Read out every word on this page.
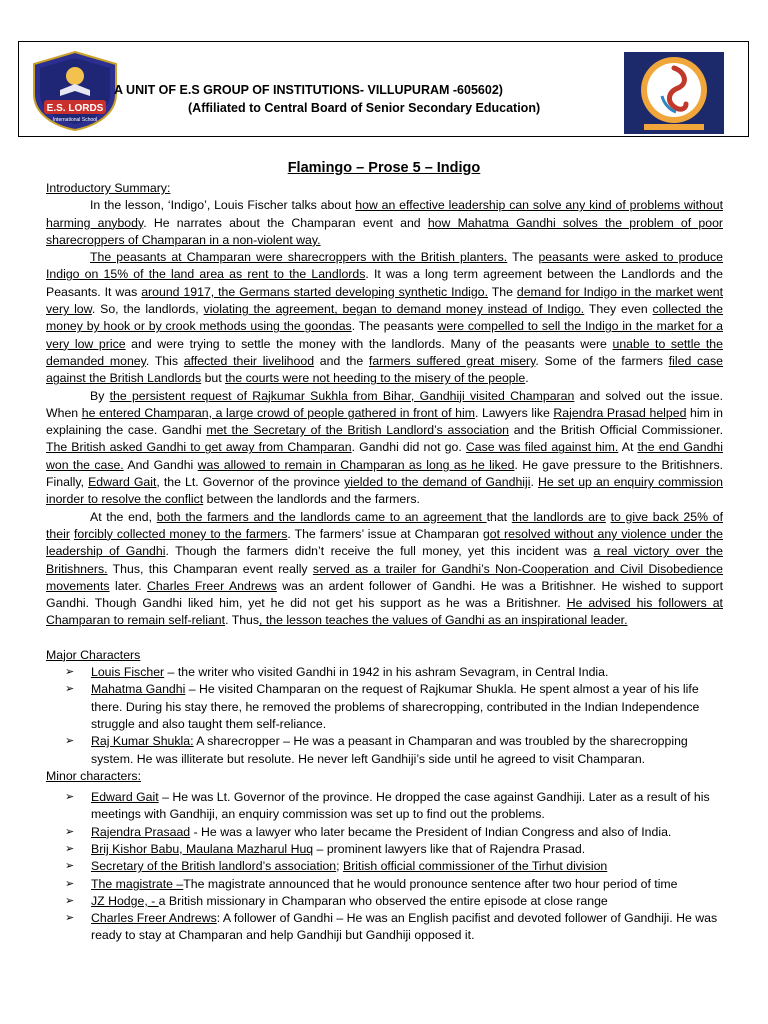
E.S. LORDS
International School
A UNIT OF E.S GROUP OF INSTITUTIONS- VILLUPURAM -605602)
(Affiliated to Central Board of Senior Secondary Education)
Flamingo – Prose 5 – Indigo
Introductory Summary:

In the lesson, ‘Indigo’, Louis Fischer talks about how an effective leadership can solve any kind of problems without harming anybody. He narrates about the Champaran event and how Mahatma Gandhi solves the problem of poor sharecroppers of Champaran in a non-violent way.

The peasants at Champaran were sharecroppers with the British planters. The peasants were asked to produce Indigo on 15% of the land area as rent to the Landlords. It was a long term agreement between the Landlords and the Peasants. It was around 1917, the Germans started developing synthetic Indigo. The demand for Indigo in the market went very low. So, the landlords, violating the agreement, began to demand money instead of Indigo. They even collected the money by hook or by crook methods using the goondas. The peasants were compelled to sell the Indigo in the market for a very low price and were trying to settle the money with the landlords. Many of the peasants were unable to settle the demanded money. This affected their livelihood and the farmers suffered great misery. Some of the farmers filed case against the British Landlords but the courts were not heeding to the misery of the people.

By the persistent request of Rajkumar Sukhla from Bihar, Gandhiji visited Champaran and solved out the issue. When he entered Champaran, a large crowd of people gathered in front of him. Lawyers like Rajendra Prasad helped him in explaining the case. Gandhi met the Secretary of the British Landlord’s association and the British Official Commissioner. The British asked Gandhi to get away from Champaran. Gandhi did not go. Case was filed against him. At the end Gandhi won the case. And Gandhi was allowed to remain in Champaran as long as he liked. He gave pressure to the Britishners. Finally, Edward Gait, the Lt. Governor of the province yielded to the demand of Gandhiji. He set up an enquiry commission inorder to resolve the conflict between the landlords and the farmers.

At the end, both the farmers and the landlords came to an agreement that the landlords are to give back 25% of their forcibly collected money to the farmers. The farmers’ issue at Champaran got resolved without any violence under the leadership of Gandhi. Though the farmers didn’t receive the full money, yet this incident was a real victory over the Britishners. Thus, this Champaran event really served as a trailer for Gandhi’s Non-Cooperation and Civil Disobedience movements later. Charles Freer Andrews was an ardent follower of Gandhi. He was a Britishner. He wished to support Gandhi. Though Gandhi liked him, yet he did not get his support as he was a Britishner. He advised his followers at Champaran to remain self-reliant. Thus, the lesson teaches the values of Gandhi as an inspirational leader.

Major Characters
➢ Louis Fischer – the writer who visited Gandhi in 1942 in his ashram Sevagram, in Central India.
➢ Mahatma Gandhi – He visited Champaran on the request of Rajkumar Shukla. He spent almost a year of his life there. During his stay there, he removed the problems of sharecropping, contributed in the Indian Independence struggle and also taught them self-reliance.
➢ Raj Kumar Shukla: A sharecropper – He was a peasant in Champaran and was troubled by the sharecropping system. He was illiterate but resolute. He never left Gandhiji’s side until he agreed to visit Champaran.
Minor characters:
➢ Edward Gait – He was Lt. Governor of the province. He dropped the case against Gandhiji. Later as a result of his meetings with Gandhiji, an enquiry commission was set up to find out the problems.
➢ Rajendra Prasaad - He was a lawyer who later became the President of Indian Congress and also of India.
➢ Brij Kishor Babu, Maulana Mazharul Huq – prominent lawyers like that of Rajendra Prasad.
➢ Secretary of the British landlord’s association; British official commissioner of the Tirhut division
➢ The magistrate –The magistrate announced that he would pronounce sentence after two hour period of time
➢ JZ Hodge, - a British missionary in Champaran who observed the entire episode at close range
➢ Charles Freer Andrews: A follower of Gandhi – He was an English pacifist and devoted follower of Gandhiji. He was ready to stay at Champaran and help Gandhiji but Gandhiji opposed it.
